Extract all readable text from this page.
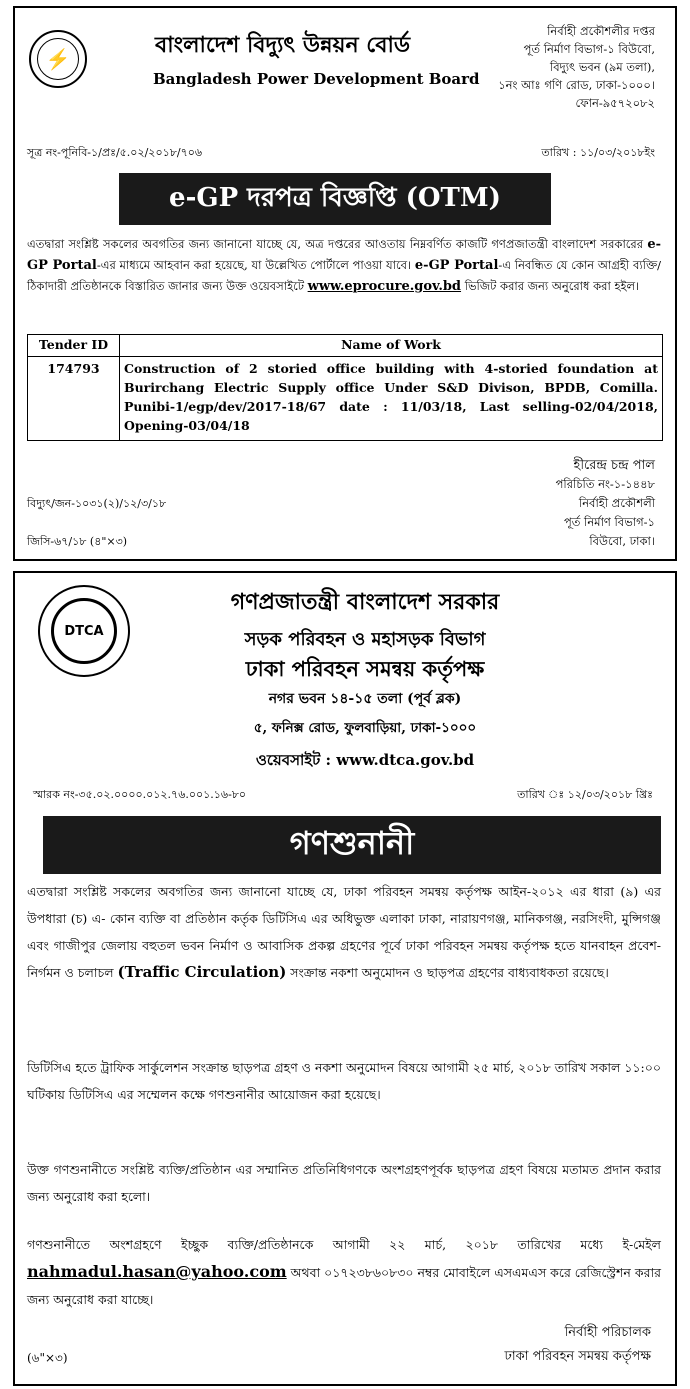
⚡
বাংলাদেশ বিদ্যুৎ উন্নয়ন বোর্ড
Bangladesh Power Development Board
নির্বাহী প্রকৌশলীর দপ্তর
পূর্ত নির্মাণ বিভাগ-১ বিউবো,
বিদ্যুৎ ভবন (৯ম তলা),
১নং আঃ গণি রোড, ঢাকা-১০০০।
ফোন-৯৫৭২০৮২
সূত্র নং-পূনিবি-১/প্রঃ/৫.০২/২০১৮/৭০৬	তারিখ : ১১/০৩/২০১৮ইং
e-GP দরপত্র বিজ্ঞপ্তি (OTM)
এতদ্বারা সংশ্লিষ্ট সকলের অবগতির জন্য জানানো যাচ্ছে যে, অত্র দপ্তরের আওতায় নিম্নবর্ণিত কাজটি গণপ্রজাতন্ত্রী বাংলাদেশ সরকারের e-GP Portal-এর মাধ্যমে আহবান করা হয়েছে, যা উল্লেখিত পোর্টালে পাওয়া যাবে। e-GP Portal-এ নিবন্ধিত যে কোন আগ্রহী ব্যক্তি/ ঠিকাদারী প্রতিষ্ঠানকে বিস্তারিত জানার জন্য উক্ত ওয়েবসাইটে www.eprocure.gov.bd ভিজিট করার জন্য অনুরোধ করা হইল।
Tender ID	Name of Work
174793	Construction of 2 storied office building with 4-storied foundation at Burirchang Electric Supply office Under S&D Divison, BPDB, Comilla. Punibi-1/egp/dev/2017-18/67 date : 11/03/18, Last selling-02/04/2018, Opening-03/04/18
হীরেন্দ্র চন্দ্র পাল
পরিচিতি নং-১-১৪৪৮
নির্বাহী প্রকৌশলী
পূর্ত নির্মাণ বিভাগ-১
বিউবো, ঢাকা।
বিদ্যুৎ/জন-১০৩১(২)/১২/৩/১৮
জিসি-৬৭/১৮ (৪"×৩)
DTCA
গণপ্রজাতন্ত্রী বাংলাদেশ সরকার
সড়ক পরিবহন ও মহাসড়ক বিভাগ
ঢাকা পরিবহন সমন্বয় কর্তৃপক্ষ
নগর ভবন ১৪-১৫ তলা (পূর্ব ব্লক)
৫, ফনিক্স রোড, ফুলবাড়িয়া, ঢাকা-১০০০
ওয়েবসাইট : www.dtca.gov.bd
স্মারক নং-৩৫.০২.০০০০.০১২.৭৬.০০১.১৬-৮০	তারিখ ঃ ১২/০৩/২০১৮ খ্রিঃ
গণশুনানী
এতদ্বারা সংশ্লিষ্ট সকলের অবগতির জন্য জানানো যাচ্ছে যে, ঢাকা পরিবহন সমন্বয় কর্তৃপক্ষ আইন-২০১২ এর ধারা (৯) এর উপধারা (চ) এ- কোন ব্যক্তি বা প্রতিষ্ঠান কর্তৃক ডিটিসিএ এর অধিভুক্ত এলাকা ঢাকা, নারায়ণগঞ্জ, মানিকগঞ্জ, নরসিংদী, মুন্সিগঞ্জ এবং গাজীপুর জেলায় বহুতল ভবন নির্মাণ ও আবাসিক প্রকল্প গ্রহণের পূর্বে ঢাকা পরিবহন সমন্বয় কর্তৃপক্ষ হতে যানবাহন প্রবেশ-নির্গমন ও চলাচল (Traffic Circulation) সংক্রান্ত নকশা অনুমোদন ও ছাড়পত্র গ্রহণের বাধ্যবাধকতা রয়েছে।
ডিটিসিএ হতে ট্রাফিক সার্কুলেশন সংক্রান্ত ছাড়পত্র গ্রহণ ও নকশা অনুমোদন বিষয়ে আগামী ২৫ মার্চ, ২০১৮ তারিখ সকাল ১১:০০ ঘটিকায় ডিটিসিএ এর সম্মেলন কক্ষে গণশুনানীর আয়োজন করা হয়েছে।
উক্ত গণশুনানীতে সংশ্লিষ্ট ব্যক্তি/প্রতিষ্ঠান এর সম্মানিত প্রতিনিধিগণকে অংশগ্রহণপূর্বক ছাড়পত্র গ্রহণ বিষয়ে মতামত প্রদান করার জন্য অনুরোধ করা হলো।
গণশুনানীতে অংশগ্রহণে ইচ্ছুক ব্যক্তি/প্রতিষ্ঠানকে আগামী ২২ মার্চ, ২০১৮ তারিখের মধ্যে ই-মেইল nahmadul.hasan@yahoo.com অথবা ০১৭২৩৮৬০৮৩০ নম্বর মোবাইলে এসএমএস করে রেজিস্ট্রেশন করার জন্য অনুরোধ করা যাচ্ছে।
নির্বাহী পরিচালক
ঢাকা পরিবহন সমন্বয় কর্তৃপক্ষ
(৬"×৩)
